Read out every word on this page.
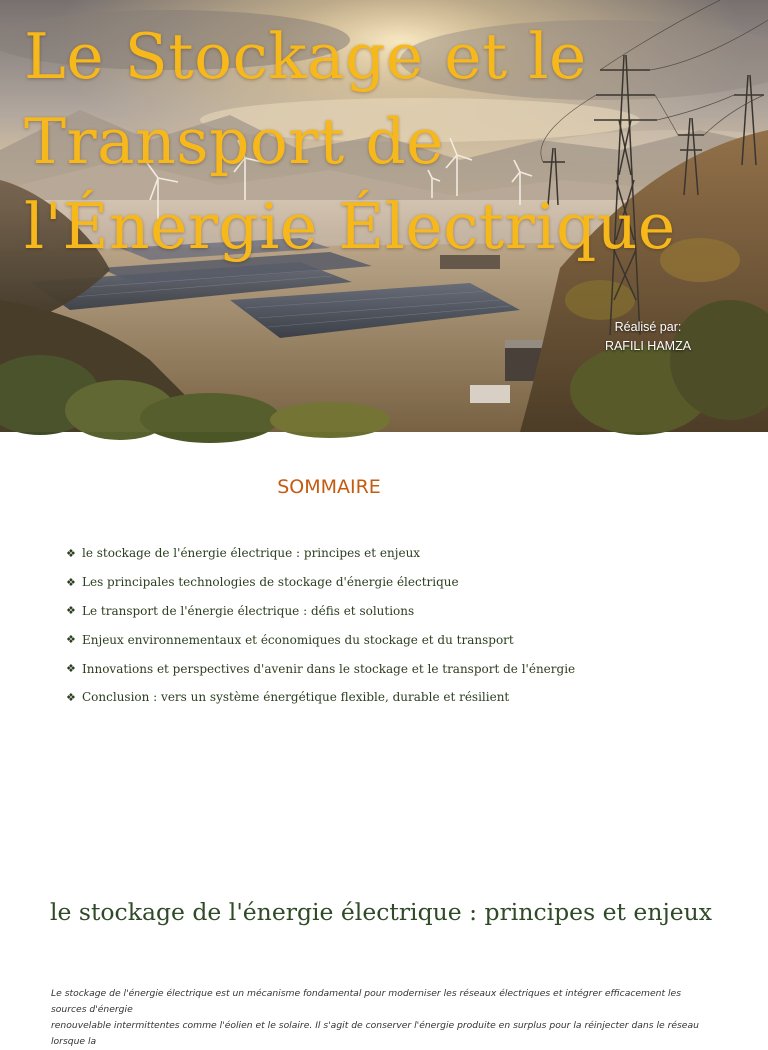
Le Stockage et le
Transport de
l'Énergie Électrique
Réalisé par:
RAFILI HAMZA
SOMMAIRE
❖ le stockage de l'énergie électrique : principes et enjeux
❖ Les principales technologies de stockage d'énergie électrique
❖ Le transport de l'énergie électrique : défis et solutions
❖ Enjeux environnementaux et économiques du stockage et du transport
❖ Innovations et perspectives d'avenir dans le stockage et le transport de l'énergie
❖ Conclusion : vers un système énergétique flexible, durable et résilient
le stockage de l'énergie électrique : principes et enjeux

Le stockage de l'énergie électrique est un mécanisme fondamental pour moderniser les réseaux électriques et intégrer efficacement les sources d'énergie
renouvelable intermittentes comme l'éolien et le solaire. Il s'agit de conserver l'énergie produite en surplus pour la réinjecter dans le réseau lorsque la
